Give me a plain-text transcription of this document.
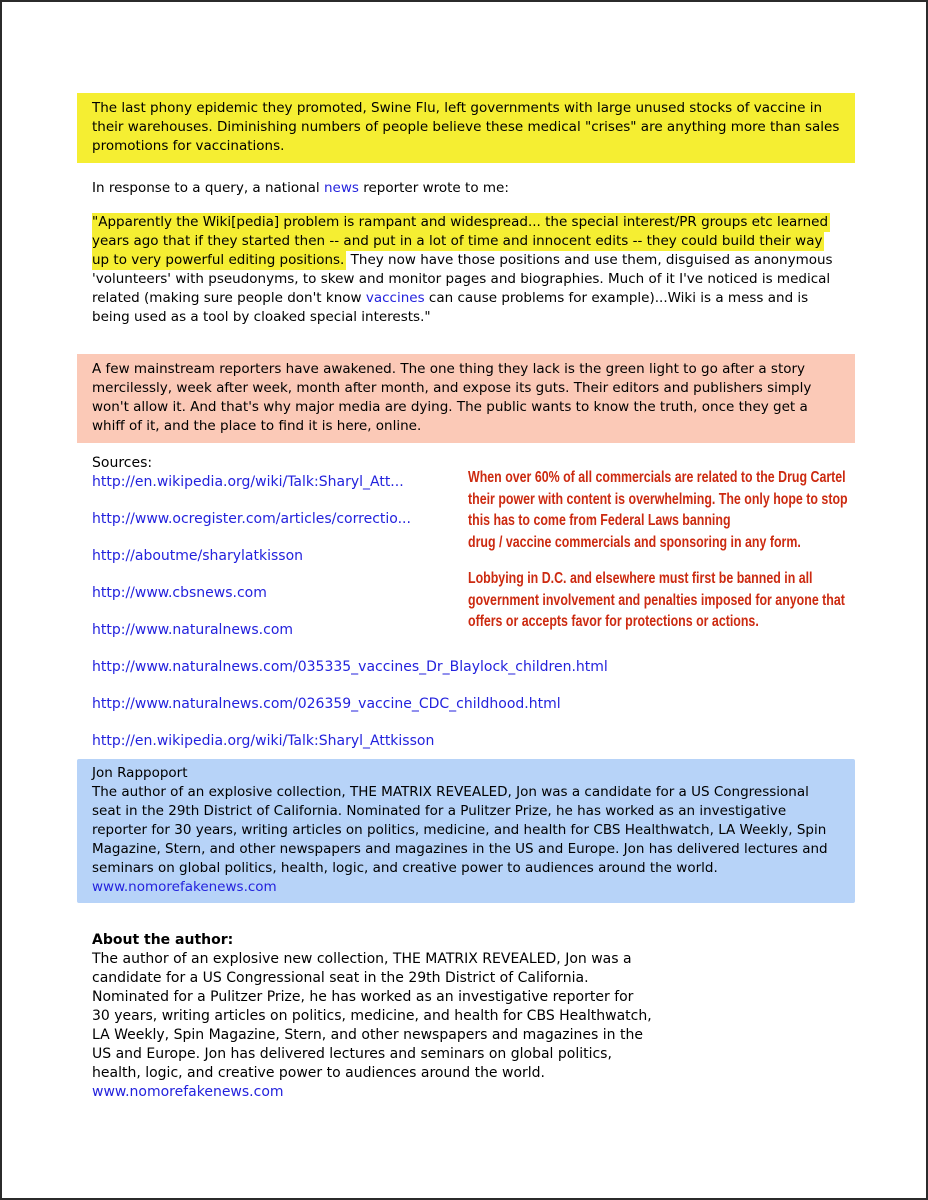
The last phony epidemic they promoted, Swine Flu, left governments with large unused stocks of vaccine in their warehouses. Diminishing numbers of people believe these medical "crises" are anything more than sales promotions for vaccinations.
In response to a query, a national news reporter wrote to me:
"Apparently the Wiki[pedia] problem is rampant and widespread... the special interest/PR groups etc learned years ago that if they started then -- and put in a lot of time and innocent edits -- they could build their way up to very powerful editing positions. They now have those positions and use them, disguised as anonymous 'volunteers' with pseudonyms, to skew and monitor pages and biographies. Much of it I've noticed is medical related (making sure people don't know vaccines can cause problems for example)...Wiki is a mess and is being used as a tool by cloaked special interests."
A few mainstream reporters have awakened. The one thing they lack is the green light to go after a story mercilessly, week after week, month after month, and expose its guts. Their editors and publishers simply won't allow it. And that's why major media are dying. The public wants to know the truth, once they get a whiff of it, and the place to find it is here, online.
Sources:
http://en.wikipedia.org/wiki/Talk:Sharyl_Att...
http://www.ocregister.com/articles/correctio...
http://aboutme/sharylatkisson
http://www.cbsnews.com
http://www.naturalnews.com
http://www.naturalnews.com/035335_vaccines_Dr_Blaylock_children.html
http://www.naturalnews.com/026359_vaccine_CDC_childhood.html
http://en.wikipedia.org/wiki/Talk:Sharyl_Attkisson
When over 60% of all commercials are related to the Drug Cartel
their power with content is overwhelming. The only hope to stop
this has to come from Federal Laws banning
drug / vaccine commercials and sponsoring in any form.
Lobbying in D.C. and elsewhere must first be banned in all
government involvement and penalties imposed for anyone that
offers or accepts favor for protections or actions.
Jon Rappoport
The author of an explosive collection, THE MATRIX REVEALED, Jon was a candidate for a US Congressional seat in the 29th District of California. Nominated for a Pulitzer Prize, he has worked as an investigative reporter for 30 years, writing articles on politics, medicine, and health for CBS Healthwatch, LA Weekly, Spin Magazine, Stern, and other newspapers and magazines in the US and Europe. Jon has delivered lectures and seminars on global politics, health, logic, and creative power to audiences around the world.
www.nomorefakenews.com
About the author:
The author of an explosive new collection, THE MATRIX REVEALED, Jon was a candidate for a US Congressional seat in the 29th District of California. Nominated for a Pulitzer Prize, he has worked as an investigative reporter for 30 years, writing articles on politics, medicine, and health for CBS Healthwatch, LA Weekly, Spin Magazine, Stern, and other newspapers and magazines in the US and Europe. Jon has delivered lectures and seminars on global politics, health, logic, and creative power to audiences around the world.
www.nomorefakenews.com
